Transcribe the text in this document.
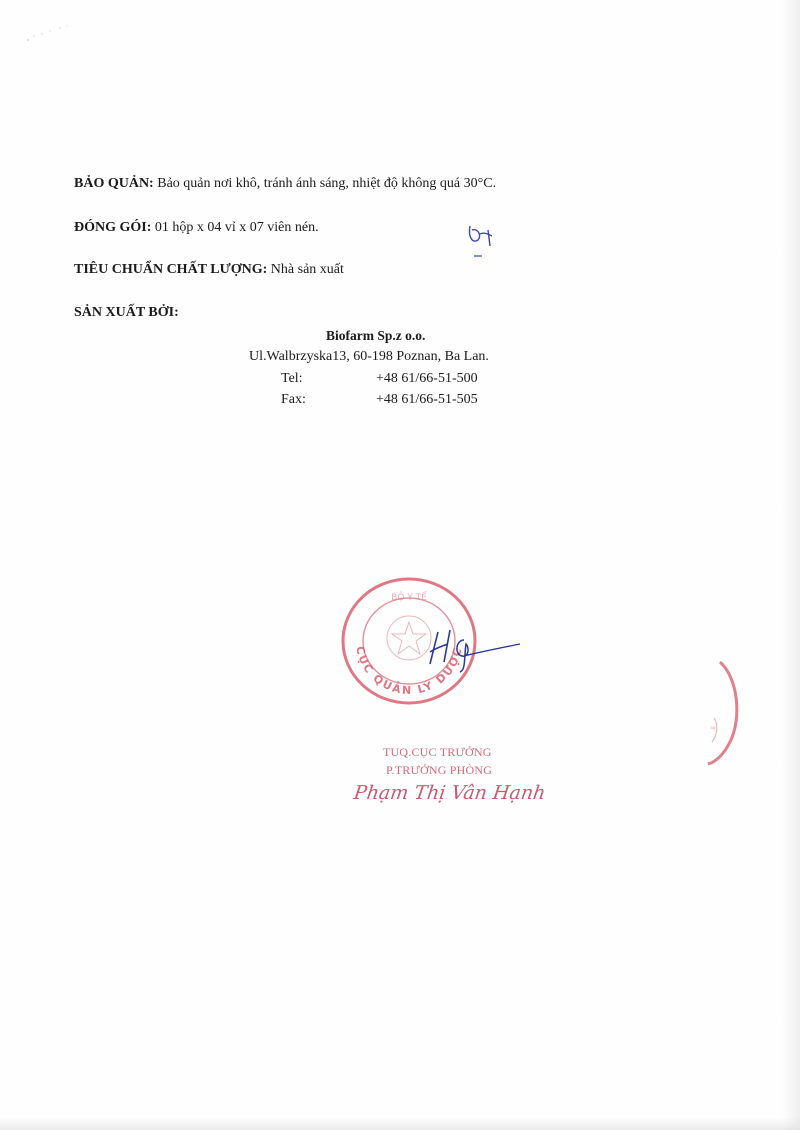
BẢO QUẢN: Bảo quản nơi khô, tránh ánh sáng, nhiệt độ không quá 30°C.
ĐÓNG GÓI: 01 hộp x 04 vỉ x 07 viên nén.
TIÊU CHUẨN CHẤT LƯỢNG: Nhà sản xuất
SẢN XUẤT BỞI:
Biofarm Sp.z o.o.
Ul.Walbrzyska13, 60-198 Poznan, Ba Lan.
Tel:	+48 61/66-51-500
Fax:	+48 61/66-51-505
CỤC QUẢN LÝ DƯỢC
BỘ Y TẾ
≈
TUQ.CỤC TRƯỞNG
P.TRƯỞNG PHÒNG
Phạm Thị Vân Hạnh
